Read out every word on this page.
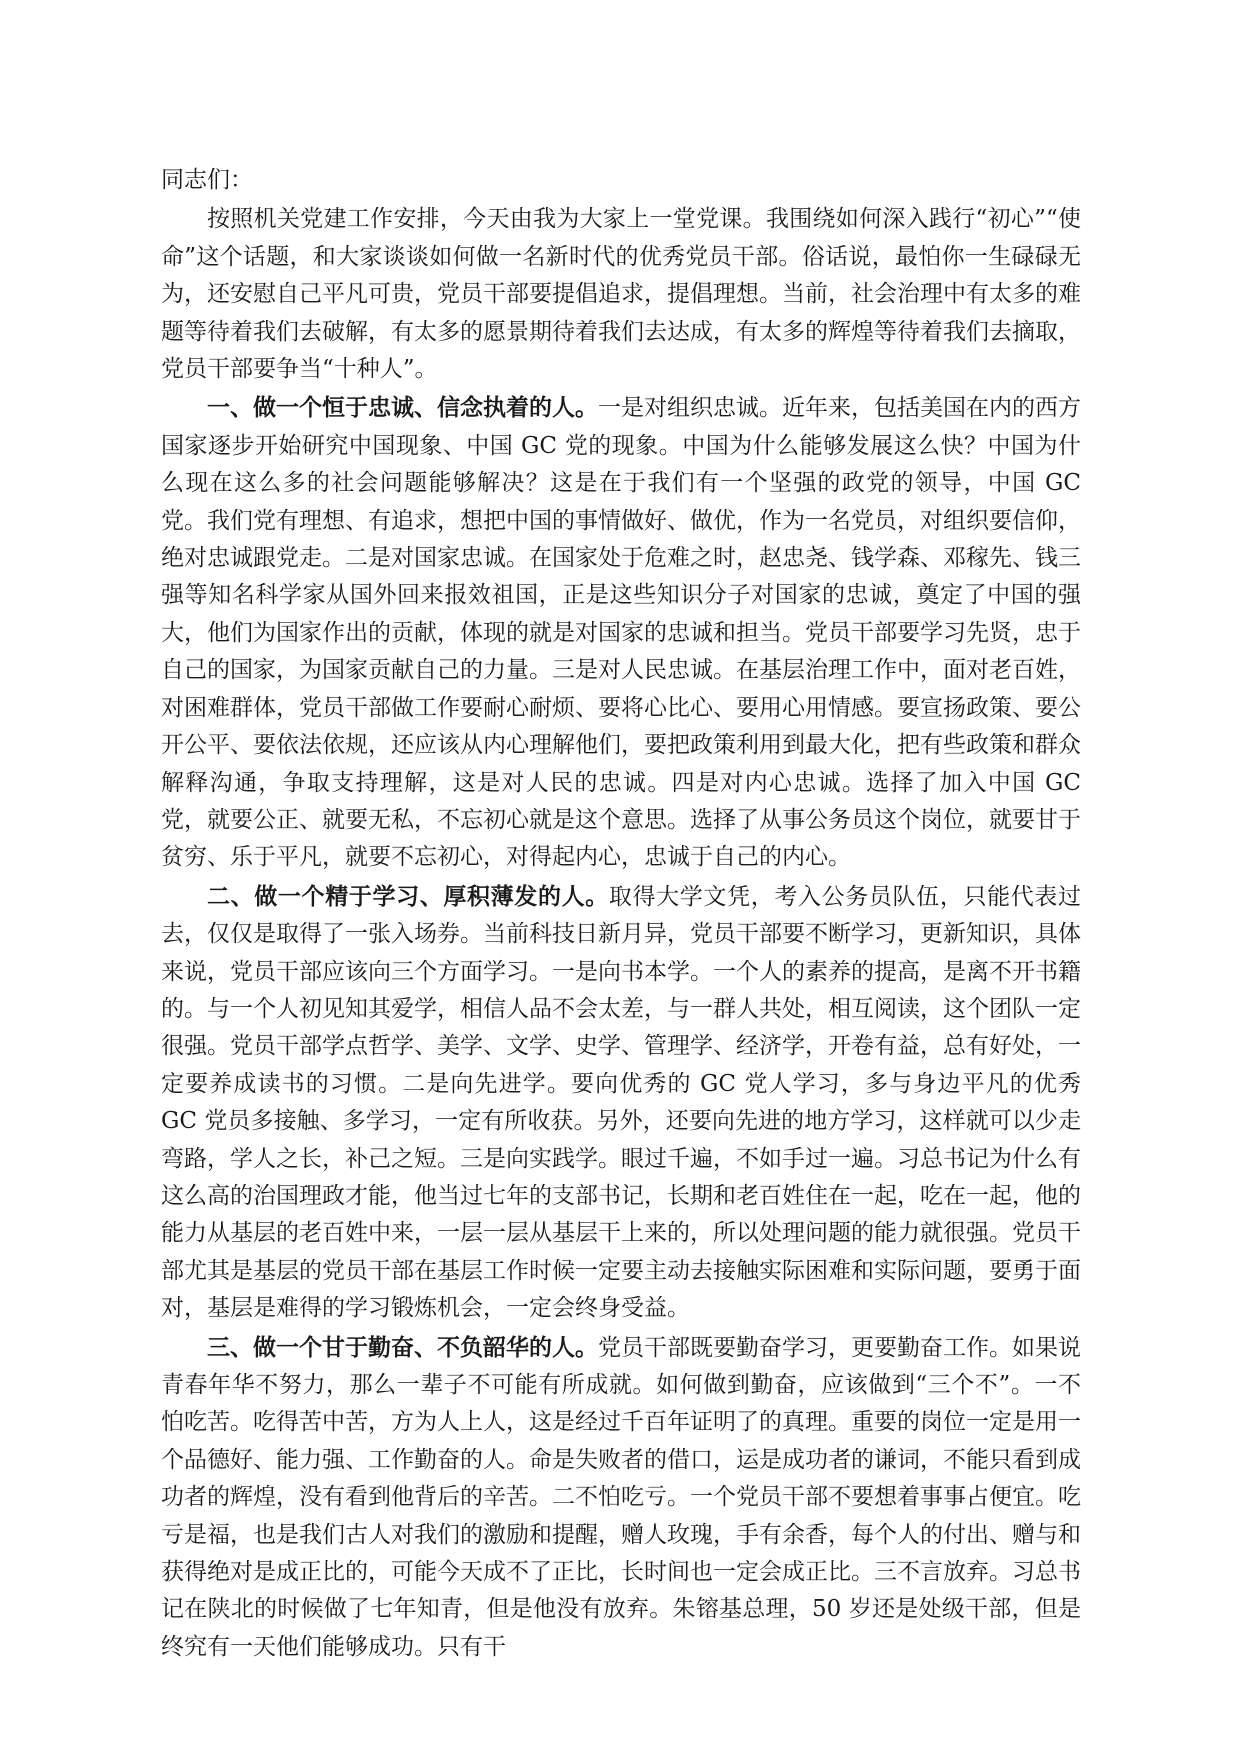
同志们：

按照机关党建工作安排，今天由我为大家上一堂党课。我围绕如何深入践行“初心”“使命”这个话题，和大家谈谈如何做一名新时代的优秀党员干部。俗话说，最怕你一生碌碌无为，还安慰自己平凡可贵，党员干部要提倡追求，提倡理想。当前，社会治理中有太多的难题等待着我们去破解，有太多的愿景期待着我们去达成，有太多的辉煌等待着我们去摘取，党员干部要争当“十种人”。

一、做一个恒于忠诚、信念执着的人。一是对组织忠诚。近年来，包括美国在内的西方国家逐步开始研究中国现象、中国 GC 党的现象。中国为什么能够发展这么快？中国为什么现在这么多的社会问题能够解决？这是在于我们有一个坚强的政党的领导，中国 GC 党。我们党有理想、有追求，想把中国的事情做好、做优，作为一名党员，对组织要信仰，绝对忠诚跟党走。二是对国家忠诚。在国家处于危难之时，赵忠尧、钱学森、邓稼先、钱三强等知名科学家从国外回来报效祖国，正是这些知识分子对国家的忠诚，奠定了中国的强大，他们为国家作出的贡献，体现的就是对国家的忠诚和担当。党员干部要学习先贤，忠于自己的国家，为国家贡献自己的力量。三是对人民忠诚。在基层治理工作中，面对老百姓，对困难群体，党员干部做工作要耐心耐烦、要将心比心、要用心用情感。要宣扬政策、要公开公平、要依法依规，还应该从内心理解他们，要把政策利用到最大化，把有些政策和群众解释沟通，争取支持理解，这是对人民的忠诚。四是对内心忠诚。选择了加入中国 GC 党，就要公正、就要无私，不忘初心就是这个意思。选择了从事公务员这个岗位，就要甘于贫穷、乐于平凡，就要不忘初心，对得起内心，忠诚于自己的内心。

二、做一个精于学习、厚积薄发的人。取得大学文凭，考入公务员队伍，只能代表过去，仅仅是取得了一张入场券。当前科技日新月异，党员干部要不断学习，更新知识，具体来说，党员干部应该向三个方面学习。一是向书本学。一个人的素养的提高，是离不开书籍的。与一个人初见知其爱学，相信人品不会太差，与一群人共处，相互阅读，这个团队一定很强。党员干部学点哲学、美学、文学、史学、管理学、经济学，开卷有益，总有好处，一定要养成读书的习惯。二是向先进学。要向优秀的 GC 党人学习，多与身边平凡的优秀 GC 党员多接触、多学习，一定有所收获。另外，还要向先进的地方学习，这样就可以少走弯路，学人之长，补己之短。三是向实践学。眼过千遍，不如手过一遍。习总书记为什么有这么高的治国理政才能，他当过七年的支部书记，长期和老百姓住在一起，吃在一起，他的能力从基层的老百姓中来，一层一层从基层干上来的，所以处理问题的能力就很强。党员干部尤其是基层的党员干部在基层工作时候一定要主动去接触实际困难和实际问题，要勇于面对，基层是难得的学习锻炼机会，一定会终身受益。

三、做一个甘于勤奋、不负韶华的人。党员干部既要勤奋学习，更要勤奋工作。如果说青春年华不努力，那么一辈子不可能有所成就。如何做到勤奋，应该做到“三个不”。一不怕吃苦。吃得苦中苦，方为人上人，这是经过千百年证明了的真理。重要的岗位一定是用一个品德好、能力强、工作勤奋的人。命是失败者的借口，运是成功者的谦词，不能只看到成功者的辉煌，没有看到他背后的辛苦。二不怕吃亏。一个党员干部不要想着事事占便宜。吃亏是福，也是我们古人对我们的激励和提醒，赠人玫瑰，手有余香，每个人的付出、赠与和获得绝对是成正比的，可能今天成不了正比，长时间也一定会成正比。三不言放弃。习总书记在陕北的时候做了七年知青，但是他没有放弃。朱镕基总理，50 岁还是处级干部，但是终究有一天他们能够成功。只有干
